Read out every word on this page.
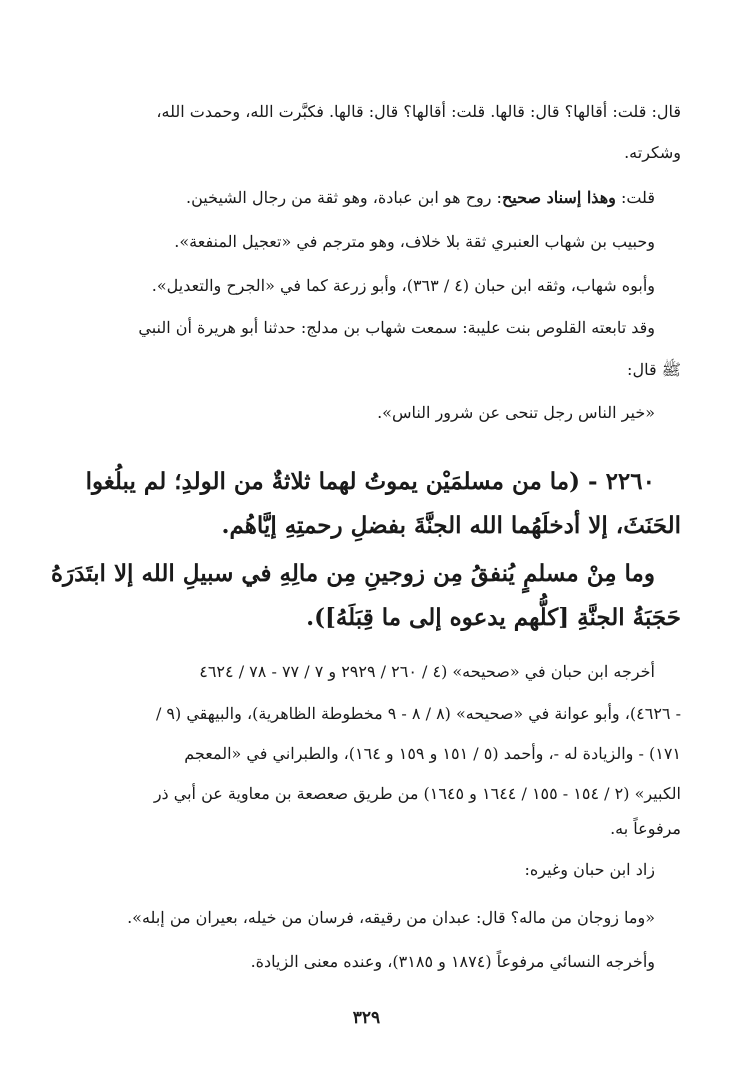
قال: قلت: أقالها؟ قال: قالها. قلت: أقالها؟ قال: قالها. فكبَّرت الله، وحمدت الله،
وشكرته.
قلت: وهذا إسناد صحيح: روح هو ابن عبادة، وهو ثقة من رجال الشيخين.
وحبيب بن شهاب العنبري ثقة بلا خلاف، وهو مترجم في «تعجيل المنفعة».
وأبوه شهاب، وثقه ابن حبان (٤ / ٣٦٣)، وأبو زرعة كما في «الجرح والتعديل».
وقد تابعته القلوص بنت عليبة: سمعت شهاب بن مدلج: حدثنا أبو هريرة أن النبي
ﷺ قال:
«خير الناس رجل تنحى عن شرور الناس».
٢٢٦٠ - (ما من مسلمَيْن يموتُ لهما ثلاثةٌ من الولدِ؛ لم يبلُغوا
الحَنَثَ، إلا أدخلَهُما الله الجنَّةَ بفضلِ رحمتِهِ إيَّاهُم.
وما مِنْ مسلمٍ يُنفقُ مِن زوجينِ مِن مالِهِ في سبيلِ الله إلا ابتَدَرَهُ
حَجَبَةُ الجنَّةِ [كلُّهم يدعوه إلى ما قِبَلَهُ]).
أخرجه ابن حبان في «صحيحه» (٤ / ٢٦٠ / ٢٩٢٩ و ٧ / ٧٧ - ٧٨ / ٤٦٢٤
- ٤٦٢٦)، وأبو عوانة في «صحيحه» (٨ / ٨ - ٩ مخطوطة الظاهرية)، والبيهقي (٩ /
١٧١) - والزيادة له -، وأحمد (٥ / ١٥١ و ١٥٩ و ١٦٤)، والطبراني في «المعجم
الكبير» (٢ / ١٥٤ - ١٥٥ / ١٦٤٤ و ١٦٤٥) من طريق صعصعة بن معاوية عن أبي ذر
مرفوعاً به.
زاد ابن حبان وغيره:
«وما زوجان من ماله؟ قال: عبدان من رقيقه، فرسان من خيله، بعيران من إبله».
وأخرجه النسائي مرفوعاً (١٨٧٤ و ٣١٨٥)، وعنده معنى الزيادة.
٣٢٩
